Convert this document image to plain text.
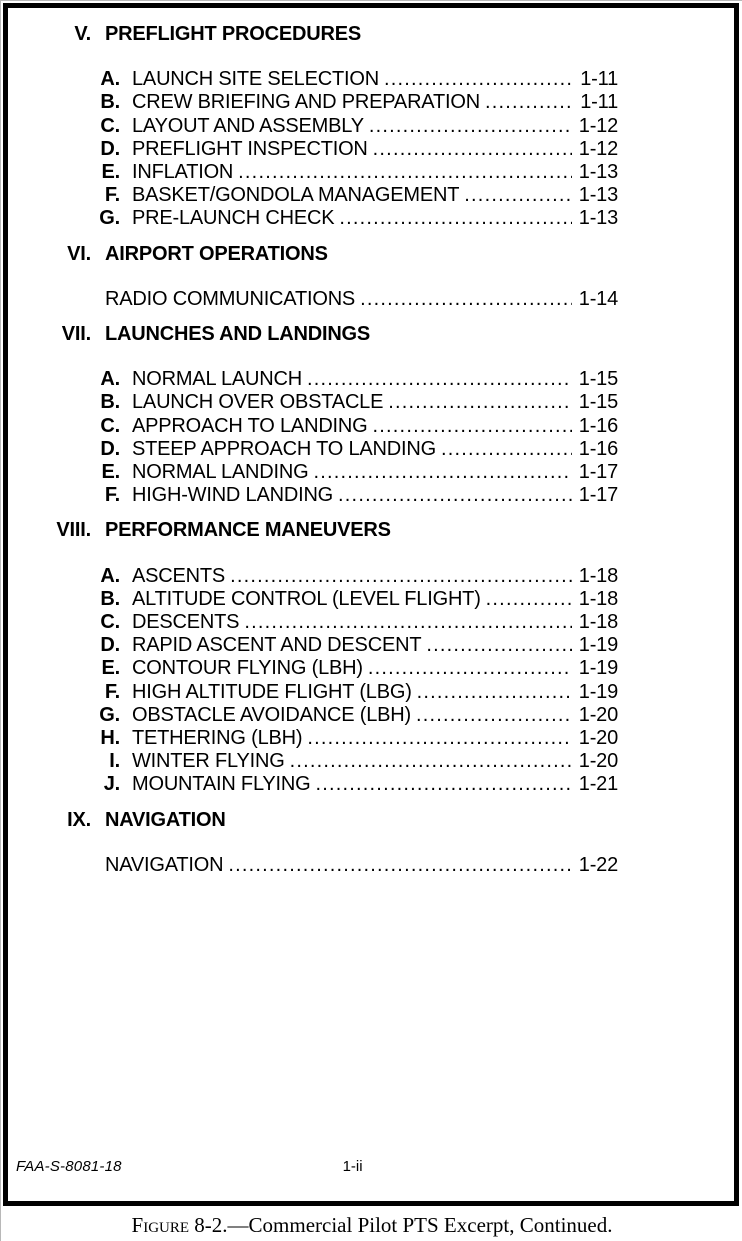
V. PREFLIGHT PROCEDURES
A. LAUNCH SITE SELECTION .....	1-11
B. CREW BRIEFING AND PREPARATION .....	1-11
C. LAYOUT AND ASSEMBLY .....	1-12
D. PREFLIGHT INSPECTION .....	1-12
E. INFLATION .....	1-13
F. BASKET/GONDOLA MANAGEMENT .....	1-13
G. PRE-LAUNCH CHECK .....	1-13
VI. AIRPORT OPERATIONS
RADIO COMMUNICATIONS .....	1-14
VII. LAUNCHES AND LANDINGS
A. NORMAL LAUNCH .....	1-15
B. LAUNCH OVER OBSTACLE .....	1-15
C. APPROACH TO LANDING .....	1-16
D. STEEP APPROACH TO LANDING .....	1-16
E. NORMAL LANDING .....	1-17
F. HIGH-WIND LANDING .....	1-17
VIII. PERFORMANCE MANEUVERS
A. ASCENTS .....	1-18
B. ALTITUDE CONTROL (LEVEL FLIGHT) .....	1-18
C. DESCENTS .....	1-18
D. RAPID ASCENT AND DESCENT .....	1-19
E. CONTOUR FLYING (LBH) .....	1-19
F. HIGH ALTITUDE FLIGHT (LBG) .....	1-19
G. OBSTACLE AVOIDANCE (LBH) .....	1-20
H. TETHERING (LBH) .....	1-20
I. WINTER FLYING .....	1-20
J. MOUNTAIN FLYING .....	1-21
IX. NAVIGATION
NAVIGATION .....	1-22
FAA-S-8081-18	1-ii
Figure 8-2.—Commercial Pilot PTS Excerpt, Continued.
